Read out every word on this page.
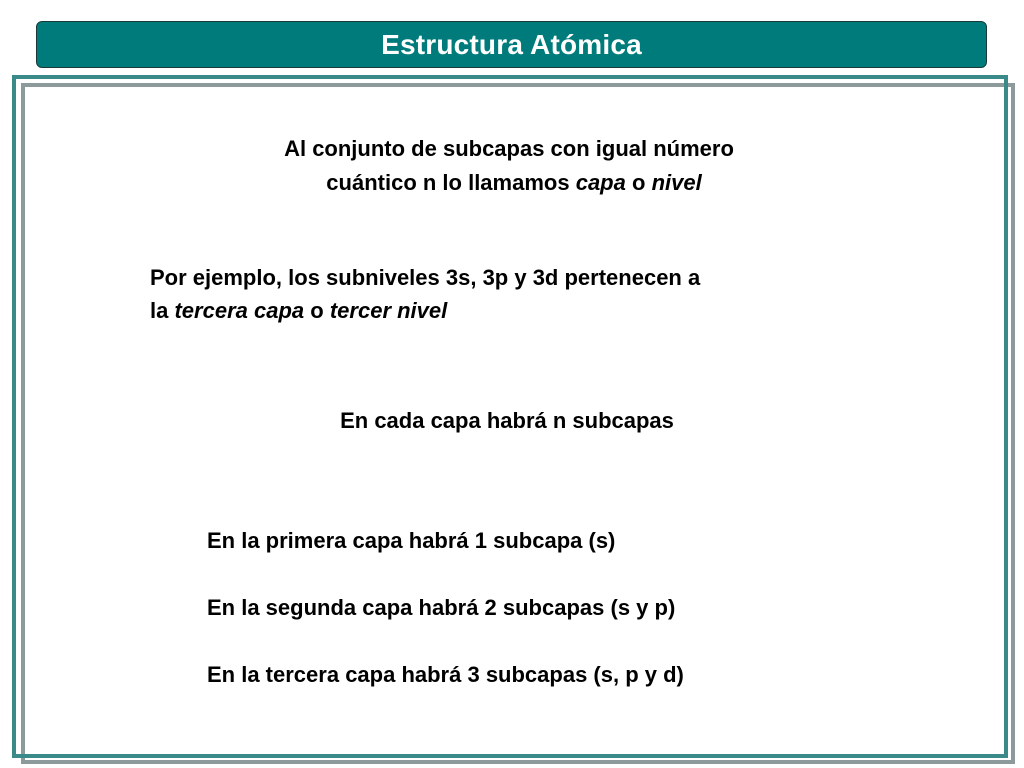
Estructura Atómica
Al conjunto de subcapas con igual número
cuántico n lo llamamos capa o nivel
Por ejemplo, los subniveles 3s, 3p y 3d pertenecen a
la tercera capa o tercer nivel
En cada capa habrá n subcapas
En la primera capa habrá 1 subcapa (s)
En la segunda capa habrá 2 subcapas (s y p)
En la tercera capa habrá 3 subcapas (s, p y d)
